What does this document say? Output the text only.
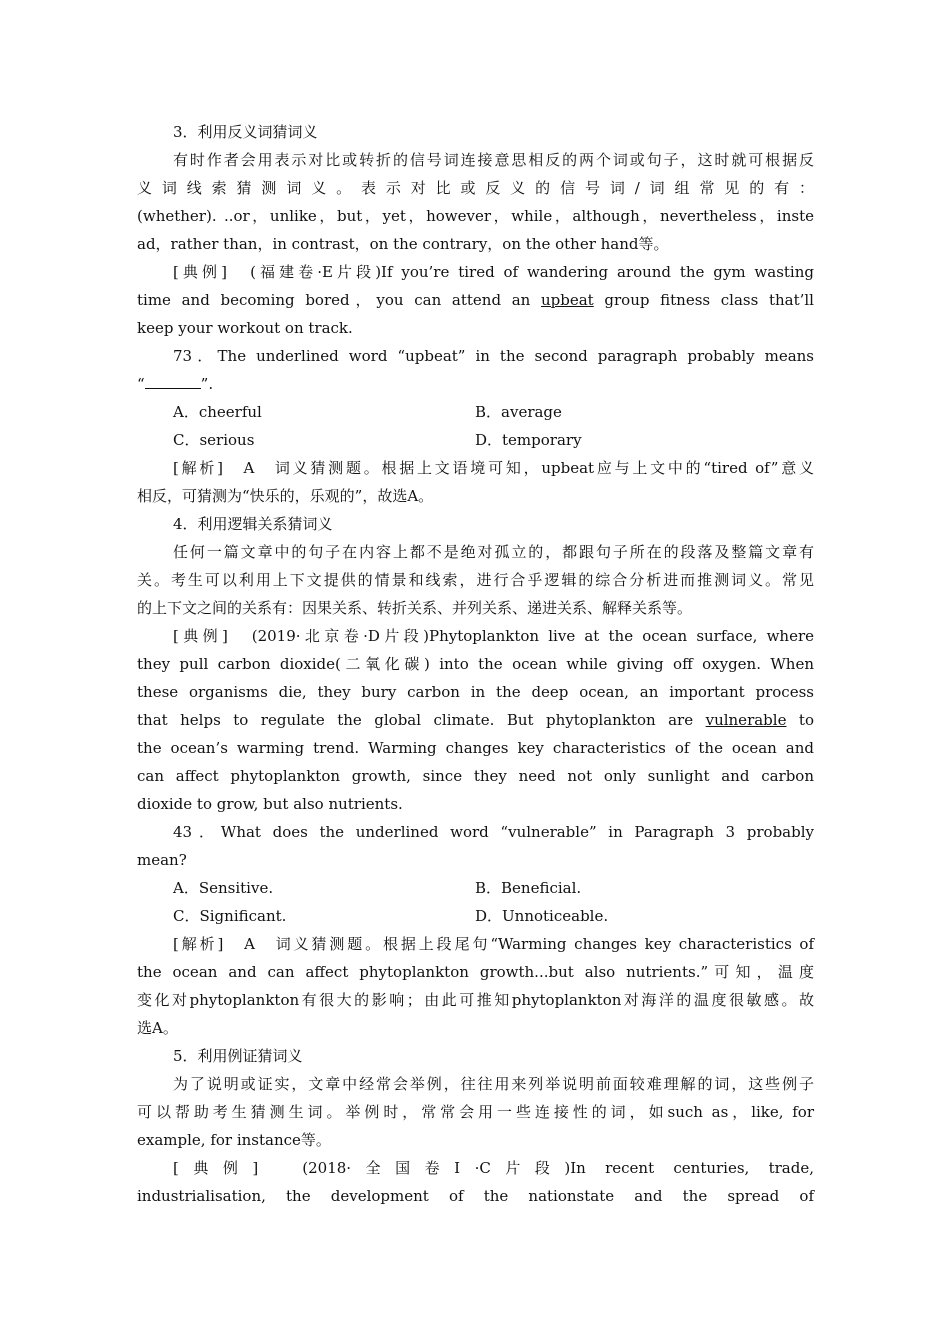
3．利用反义词猜词义
有时作者会用表示对比或转折的信号词连接意思相反的两个词或句子，这时就可根据反
义词线索猜测词义。表示对比或反义的信号词/词组常见的有：
(whether). ..or，unlike，but，yet，however，while，although，nevertheless，inste
ad，rather than，in contrast，on the contrary，on the other hand等。
[典例]　(福建卷·E片段)If you’re tired of wandering around the gym wasting
time and becoming bored，you can attend an upbeat group fitness class that’ll
keep your workout on track.
73．The underlined word “upbeat” in the second paragraph probably means
“	”.
A．cheerful	B．average
C．serious	D．temporary
[解析]　A　词义猜测题。根据上文语境可知，upbeat应与上文中的“tired of”意义
相反，可猜测为“快乐的，乐观的”，故选A。
4．利用逻辑关系猜词义
任何一篇文章中的句子在内容上都不是绝对孤立的，都跟句子所在的段落及整篇文章有
关。考生可以利用上下文提供的情景和线索，进行合乎逻辑的综合分析进而推测词义。常见
的上下文之间的关系有：因果关系、转折关系、并列关系、递进关系、解释关系等。
[典例]　(2019·北京卷·D片段)Phytoplankton live at the ocean surface, where
they pull carbon dioxide(二氧化碳) into the ocean while giving off oxygen. When
these organisms die, they bury carbon in the deep ocean, an important process
that helps to regulate the global climate. But phytoplankton are vulnerable to
the ocean’s warming trend. Warming changes key characteristics of the ocean and
can affect phytoplankton growth, since they need not only sunlight and carbon
dioxide to grow, but also nutrients.
43．What does the underlined word “vulnerable” in Paragraph 3 probably
mean?
A．Sensitive.	B．Beneficial.
C．Significant.	D．Unnoticeable.
[解析]　A　词义猜测题。根据上段尾句“Warming changes key characteristics of
the ocean and can affect phytoplankton growth...but also nutrients.”可知，温度
变化对phytoplankton有很大的影响；由此可推知phytoplankton对海洋的温度很敏感。故
选A。
5．利用例证猜词义
为了说明或证实，文章中经常会举例，往往用来列举说明前面较难理解的词，这些例子
可以帮助考生猜测生词。举例时，常常会用一些连接性的词，如such as，like, for
example, for instance等。
[典例]　(2018·全国卷Ⅰ·C片段)In recent centuries, trade,
industrialisation, the development of the nationstate and the spread of
